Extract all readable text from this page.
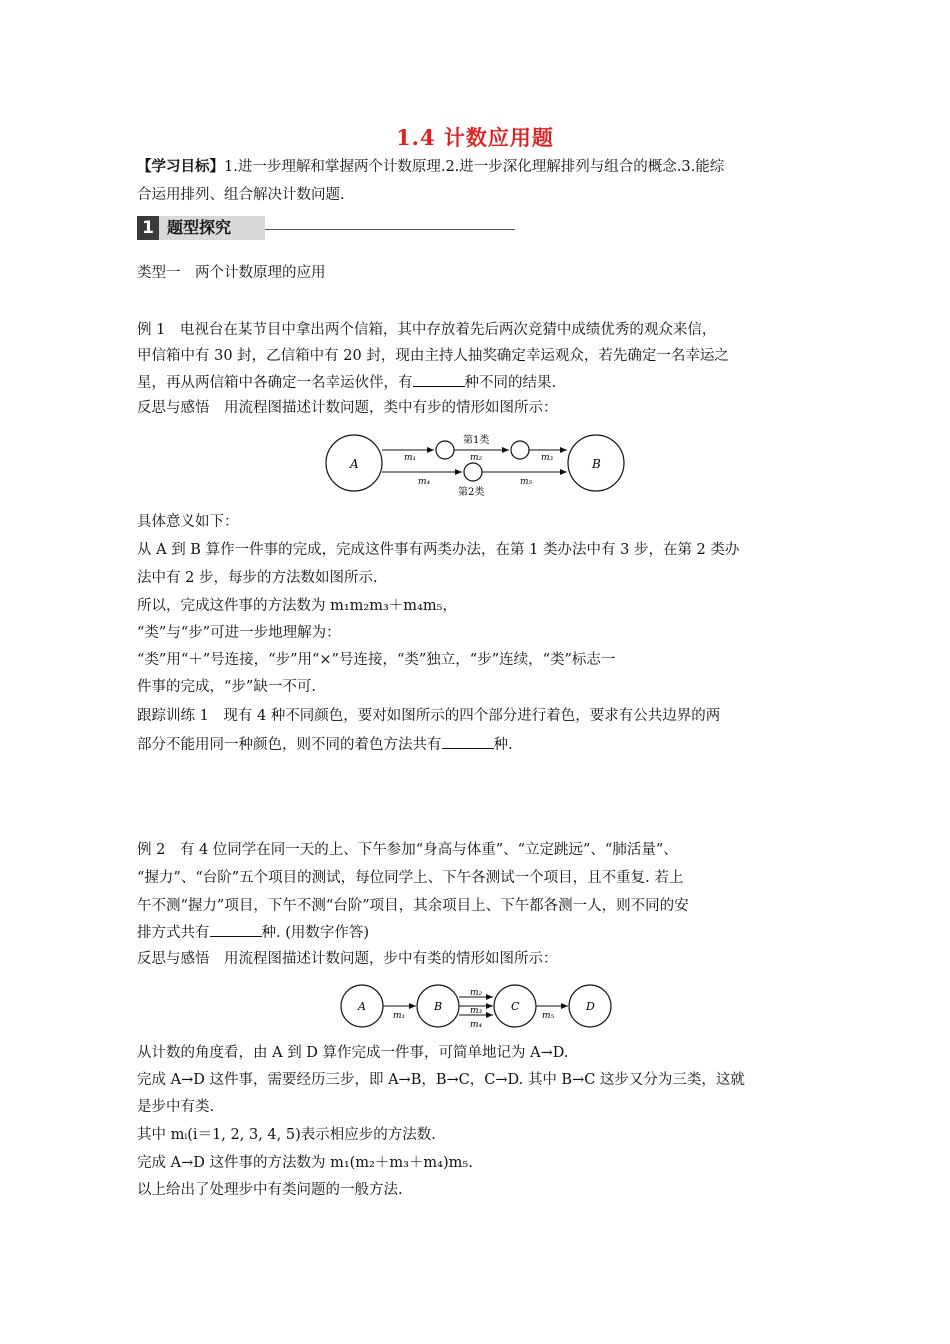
1.4 计数应用题
【学习目标】1.进一步理解和掌握两个计数原理.2.进一步深化理解排列与组合的概念.3.能综
合运用排列、组合解决计数问题.
1 题型探究
类型一　两个计数原理的应用
例 1　电视台在某节目中拿出两个信箱，其中存放着先后两次竞猜中成绩优秀的观众来信，
甲信箱中有 30 封，乙信箱中有 20 封，现由主持人抽奖确定幸运观众，若先确定一名幸运之
星，再从两信箱中各确定一名幸运伙伴，有	种不同的结果.
反思与感悟　用流程图描述计数问题，类中有步的情形如图所示：
A	B
第1类
第2类
m₁	m₂	m₃
m₄	m₅
具体意义如下：
从 A 到 B 算作一件事的完成，完成这件事有两类办法，在第 1 类办法中有 3 步，在第 2 类办
法中有 2 步，每步的方法数如图所示.
所以，完成这件事的方法数为 m₁m₂m₃＋m₄m₅，
“类”与“步”可进一步地理解为：
“类”用“＋”号连接，“步”用“×”号连接，“类”独立，“步”连续，“类”标志一
件事的完成，“步”缺一不可.
跟踪训练 1　现有 4 种不同颜色，要对如图所示的四个部分进行着色，要求有公共边界的两
部分不能用同一种颜色，则不同的着色方法共有	种.
例 2　有 4 位同学在同一天的上、下午参加“身高与体重”、“立定跳远”、“肺活量”、
“握力”、“台阶”五个项目的测试，每位同学上、下午各测试一个项目，且不重复. 若上
午不测“握力”项目，下午不测“台阶”项目，其余项目上、下午都各测一人，则不同的安
排方式共有	种. (用数字作答)
反思与感悟　用流程图描述计数问题，步中有类的情形如图所示：
A	B	C	D
m₁
m₂
m₃
m₄
m₅
从计数的角度看，由 A 到 D 算作完成一件事，可简单地记为 A→D.
完成 A→D 这件事，需要经历三步，即 A→B，B→C，C→D. 其中 B→C 这步又分为三类，这就
是步中有类.
其中 mᵢ(i＝1, 2, 3, 4, 5)表示相应步的方法数.
完成 A→D 这件事的方法数为 m₁(m₂＋m₃＋m₄)m₅.
以上给出了处理步中有类问题的一般方法.
